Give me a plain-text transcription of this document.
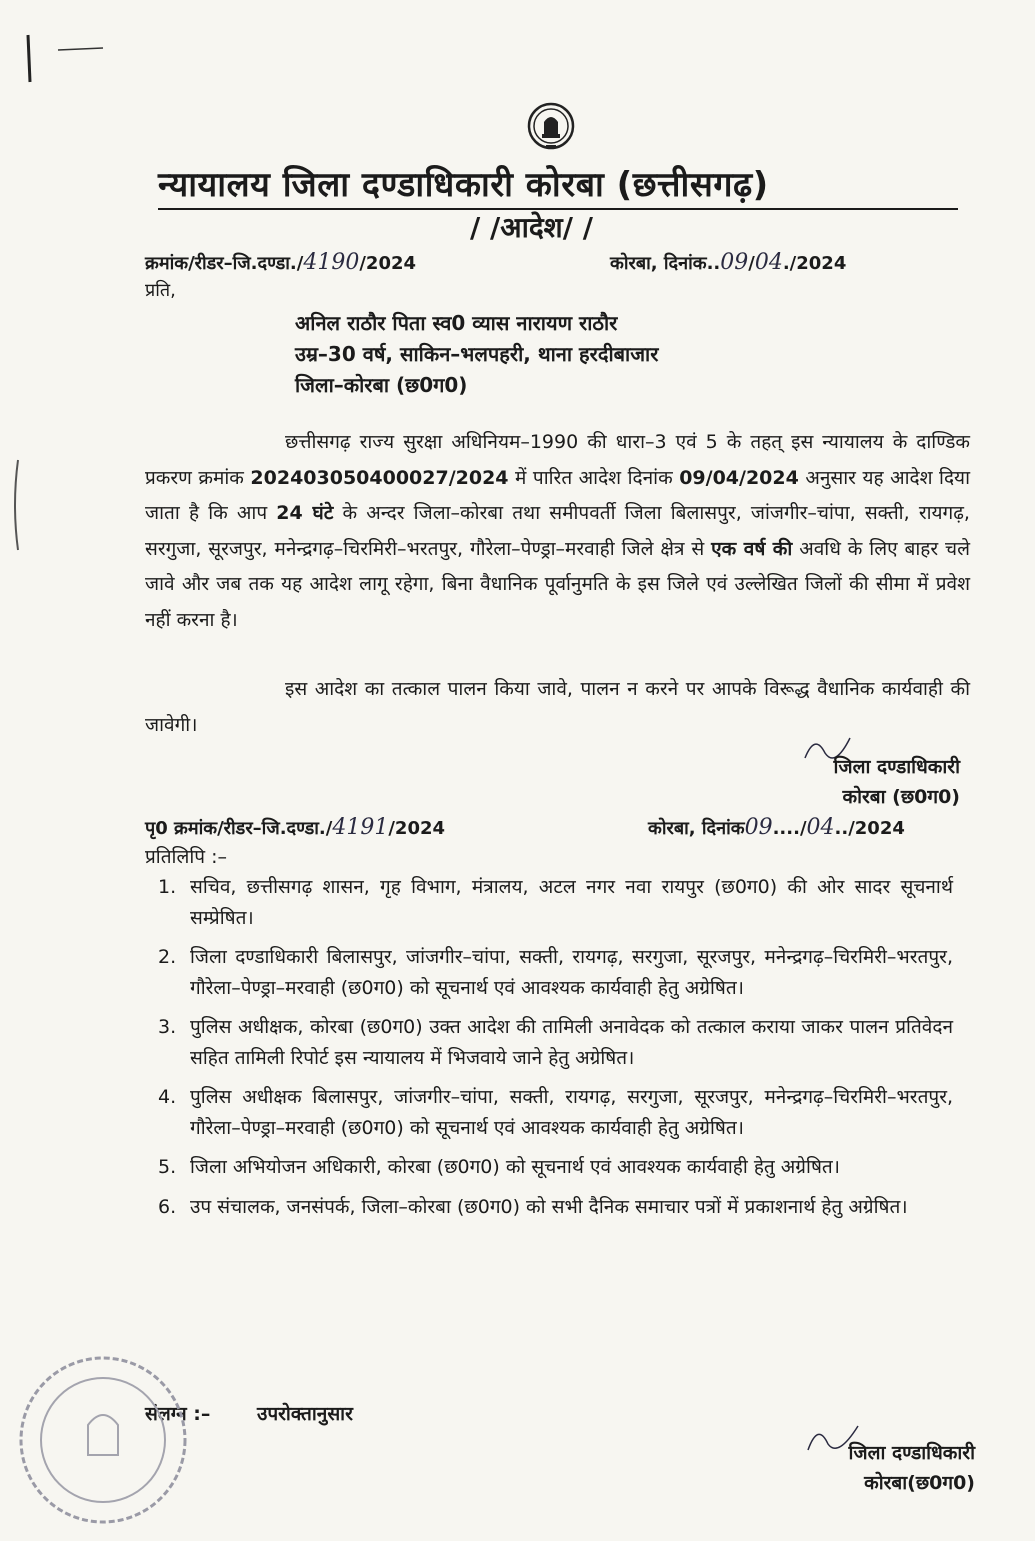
न्यायालय जिला दण्डाधिकारी कोरबा (छत्तीसगढ़)
/ /आदेश/ /
क्रमांक/रीडर–जि.दण्डा./4190/2024	कोरबा, दिनांक..09/04./2024
प्रति,
अनिल राठौर पिता स्व0 व्यास नारायण राठौर
उम्र–30 वर्ष, साकिन–भलपहरी, थाना हरदीबाजार
जिला–कोरबा (छ0ग0)
छत्तीसगढ़ राज्य सुरक्षा अधिनियम–1990 की धारा–3 एवं 5 के तहत् इस न्यायालय के दाण्डिक प्रकरण क्रमांक 202403050400027/2024 में पारित आदेश दिनांक 09/04/2024 अनुसार यह आदेश दिया जाता है कि आप 24 घंटे के अन्दर जिला–कोरबा तथा समीपवर्ती जिला बिलासपुर, जांजगीर–चांपा, सक्ती, रायगढ़, सरगुजा, सूरजपुर, मनेन्द्रगढ़–चिरमिरी–भरतपुर, गौरेला–पेण्ड्रा–मरवाही जिले क्षेत्र से एक वर्ष की अवधि के लिए बाहर चले जावे और जब तक यह आदेश लागू रहेगा, बिना वैधानिक पूर्वानुमति के इस जिले एवं उल्लेखित जिलों की सीमा में प्रवेश नहीं करना है।
इस आदेश का तत्काल पालन किया जावे, पालन न करने पर आपके विरूद्ध वैधानिक कार्यवाही की जावेगी।
जिला दण्डाधिकारी
कोरबा (छ0ग0)
पृ0 क्रमांक/रीडर–जि.दण्डा./4191/2024	कोरबा, दिनांक09..../04../2024
प्रतिलिपि :–
1. सचिव, छत्तीसगढ़ शासन, गृह विभाग, मंत्रालय, अटल नगर नवा रायपुर (छ0ग0) की ओर सादर सूचनार्थ सम्प्रेषित।
2. जिला दण्डाधिकारी बिलासपुर, जांजगीर–चांपा, सक्ती, रायगढ़, सरगुजा, सूरजपुर, मनेन्द्रगढ़–चिरमिरी–भरतपुर, गौरेला–पेण्ड्रा–मरवाही (छ0ग0) को सूचनार्थ एवं आवश्यक कार्यवाही हेतु अग्रेषित।
3. पुलिस अधीक्षक, कोरबा (छ0ग0) उक्त आदेश की तामिली अनावेदक को तत्काल कराया जाकर पालन प्रतिवेदन सहित तामिली रिपोर्ट इस न्यायालय में भिजवाये जाने हेतु अग्रेषित।
4. पुलिस अधीक्षक बिलासपुर, जांजगीर–चांपा, सक्ती, रायगढ़, सरगुजा, सूरजपुर, मनेन्द्रगढ़–चिरमिरी–भरतपुर, गौरेला–पेण्ड्रा–मरवाही (छ0ग0) को सूचनार्थ एवं आवश्यक कार्यवाही हेतु अग्रेषित।
5. जिला अभियोजन अधिकारी, कोरबा (छ0ग0) को सूचनार्थ एवं आवश्यक कार्यवाही हेतु अग्रेषित।
6. उप संचालक, जनसंपर्क, जिला–कोरबा (छ0ग0) को सभी दैनिक समाचार पत्रों में प्रकाशनार्थ हेतु अग्रेषित।
संलग्न :– उपरोक्तानुसार
जिला दण्डाधिकारी
कोरबा(छ0ग0)
